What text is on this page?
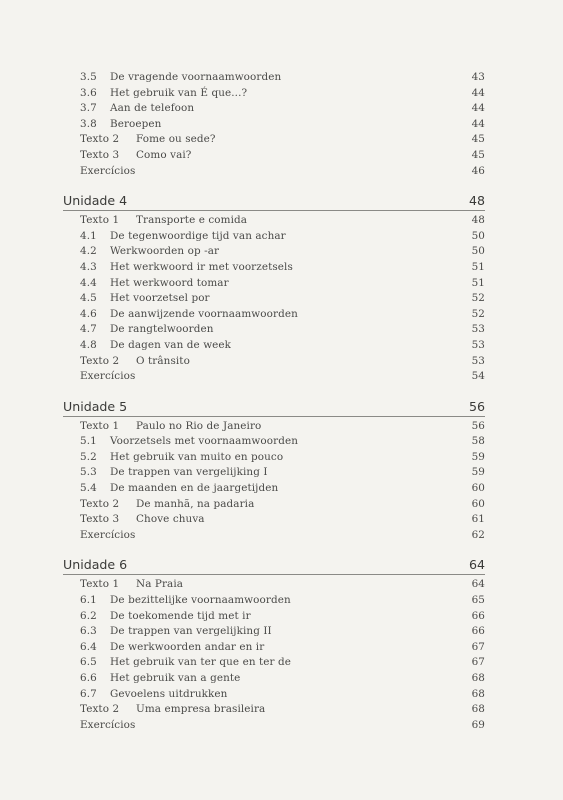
3.5	De vragende voornaamwoorden	43
3.6	Het gebruik van É que...?	44
3.7	Aan de telefoon	44
3.8	Beroepen	44
Texto 2	Fome ou sede?	45
Texto 3	Como vai?	45
Exercícios	46
Unidade 4	48
Texto 1	Transporte e comida	48
4.1	De tegenwoordige tijd van achar	50
4.2	Werkwoorden op -ar	50
4.3	Het werkwoord ir met voorzetsels	51
4.4	Het werkwoord tomar	51
4.5	Het voorzetsel por	52
4.6	De aanwijzende voornaamwoorden	52
4.7	De rangtelwoorden	53
4.8	De dagen van de week	53
Texto 2	O trânsito	53
Exercícios	54
Unidade 5	56
Texto 1	Paulo no Rio de Janeiro	56
5.1	Voorzetsels met voornaamwoorden	58
5.2	Het gebruik van muito en pouco	59
5.3	De trappen van vergelijking I	59
5.4	De maanden en de jaargetijden	60
Texto 2	De manhã, na padaria	60
Texto 3	Chove chuva	61
Exercícios	62
Unidade 6	64
Texto 1	Na Praia	64
6.1	De bezittelijke voornaamwoorden	65
6.2	De toekomende tijd met ir	66
6.3	De trappen van vergelijking II	66
6.4	De werkwoorden andar en ir	67
6.5	Het gebruik van ter que en ter de	67
6.6	Het gebruik van a gente	68
6.7	Gevoelens uitdrukken	68
Texto 2	Uma empresa brasileira	68
Exercícios	69
